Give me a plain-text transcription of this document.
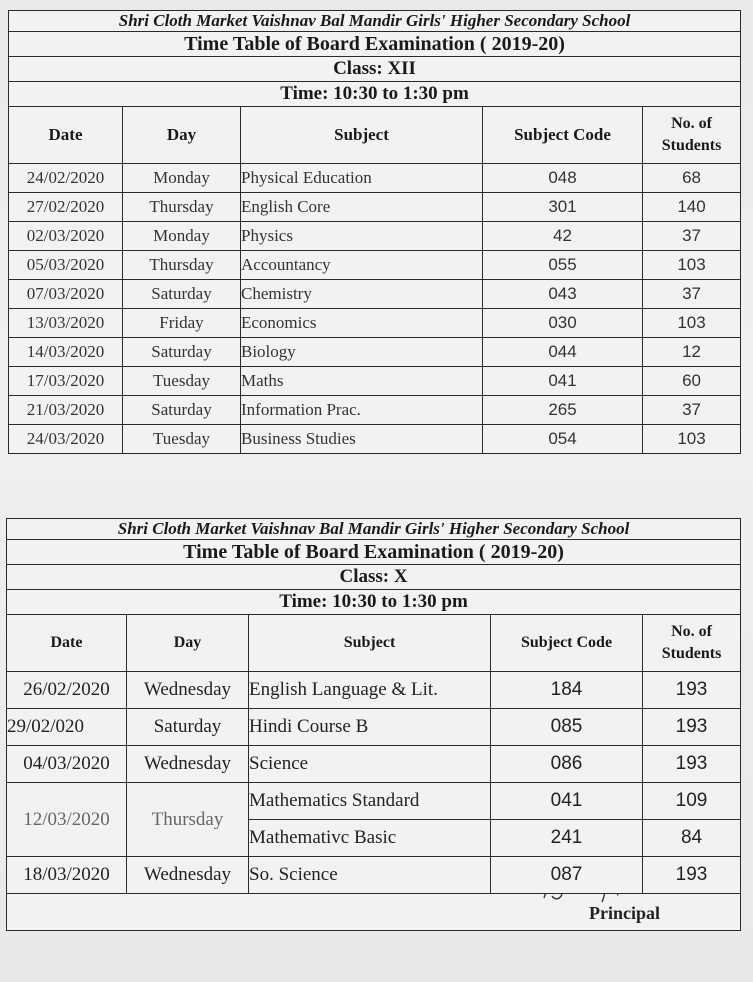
Shri Cloth Market Vaishnav Bal Mandir Girls' Higher Secondary School				
Time Table of Board Examination ( 2019-20)				
Class: XII				
Time: 10:30 to 1:30 pm				
Date	Day	Subject	Subject Code	No. of
Students
24/02/2020	Monday	Physical Education	048	68
27/02/2020	Thursday	English Core	301	140
02/03/2020	Monday	Physics	42	37
05/03/2020	Thursday	Accountancy	055	103
07/03/2020	Saturday	Chemistry	043	37
13/03/2020	Friday	Economics	030	103
14/03/2020	Saturday	Biology	044	12
17/03/2020	Tuesday	Maths	041	60
21/03/2020	Saturday	Information Prac.	265	37
24/03/2020	Tuesday	Business Studies	054	103
Shri Cloth Market Vaishnav Bal Mandir Girls' Higher Secondary School				
Time Table of Board Examination ( 2019-20)				
Class: X				
Time: 10:30 to 1:30 pm				
Date	Day	Subject	Subject Code	No. of
Students
26/02/2020	Wednesday	English Language & Lit.	184	193
29/02/020	Saturday	Hindi Course B	085	193
04/03/2020	Wednesday	Science	086	193
12/03/2020	Thursday	Mathematics Standard	041	109
		Mathemativc Basic	241	84
18/03/2020	Wednesday	So. Science	087	193

Principal				
